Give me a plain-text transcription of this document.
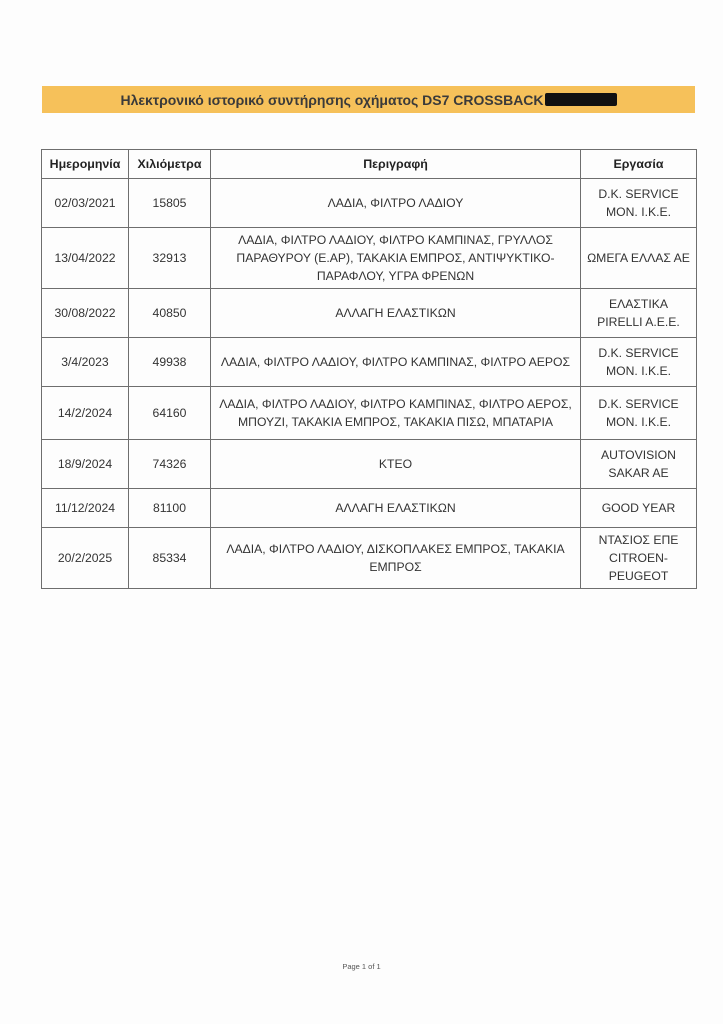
Ηλεκτρονικό ιστορικό συντήρησης οχήματος DS7 CROSSBACK
Ημερομηνία	Χιλιόμετρα	Περιγραφή	Εργασία
02/03/2021	15805	ΛΑΔΙΑ, ΦΙΛΤΡΟ ΛΑΔΙΟΥ	D.K. SERVICE MON. I.K.E.
13/04/2022	32913	ΛΑΔΙΑ, ΦΙΛΤΡΟ ΛΑΔΙΟΥ, ΦΙΛΤΡΟ ΚΑΜΠΙΝΑΣ, ΓΡΥΛΛΟΣ ΠΑΡΑΘΥΡΟΥ (Ε.ΑΡ), ΤΑΚΑΚΙΑ ΕΜΠΡΟΣ, ΑΝΤΙΨΥΚΤΙΚΟ-ΠΑΡΑΦΛΟΥ, ΥΓΡΑ ΦΡΕΝΩΝ	ΩΜΕΓΑ ΕΛΛΑΣ ΑΕ
30/08/2022	40850	ΑΛΛΑΓΗ ΕΛΑΣΤΙΚΩΝ	ΕΛΑΣΤΙΚΑ PIRELLI A.E.E.
3/4/2023	49938	ΛΑΔΙΑ, ΦΙΛΤΡΟ ΛΑΔΙΟΥ, ΦΙΛΤΡΟ ΚΑΜΠΙΝΑΣ, ΦΙΛΤΡΟ ΑΕΡΟΣ	D.K. SERVICE MON. I.K.E.
14/2/2024	64160	ΛΑΔΙΑ, ΦΙΛΤΡΟ ΛΑΔΙΟΥ, ΦΙΛΤΡΟ ΚΑΜΠΙΝΑΣ, ΦΙΛΤΡΟ ΑΕΡΟΣ, ΜΠΟΥΖΙ, ΤΑΚΑΚΙΑ ΕΜΠΡΟΣ, ΤΑΚΑΚΙΑ ΠΙΣΩ, ΜΠΑΤΑΡΙΑ	D.K. SERVICE MON. I.K.E.
18/9/2024	74326	ΚΤΕΟ	AUTOVISION SAKAR AE
11/12/2024	81100	ΑΛΛΑΓΗ ΕΛΑΣΤΙΚΩΝ	GOOD YEAR
20/2/2025	85334	ΛΑΔΙΑ, ΦΙΛΤΡΟ ΛΑΔΙΟΥ, ΔΙΣΚΟΠΛΑΚΕΣ ΕΜΠΡΟΣ, ΤΑΚΑΚΙΑ ΕΜΠΡΟΣ	ΝΤΑΣΙΟΣ ΕΠΕ CITROEN-PEUGEOT
Page 1 of 1
